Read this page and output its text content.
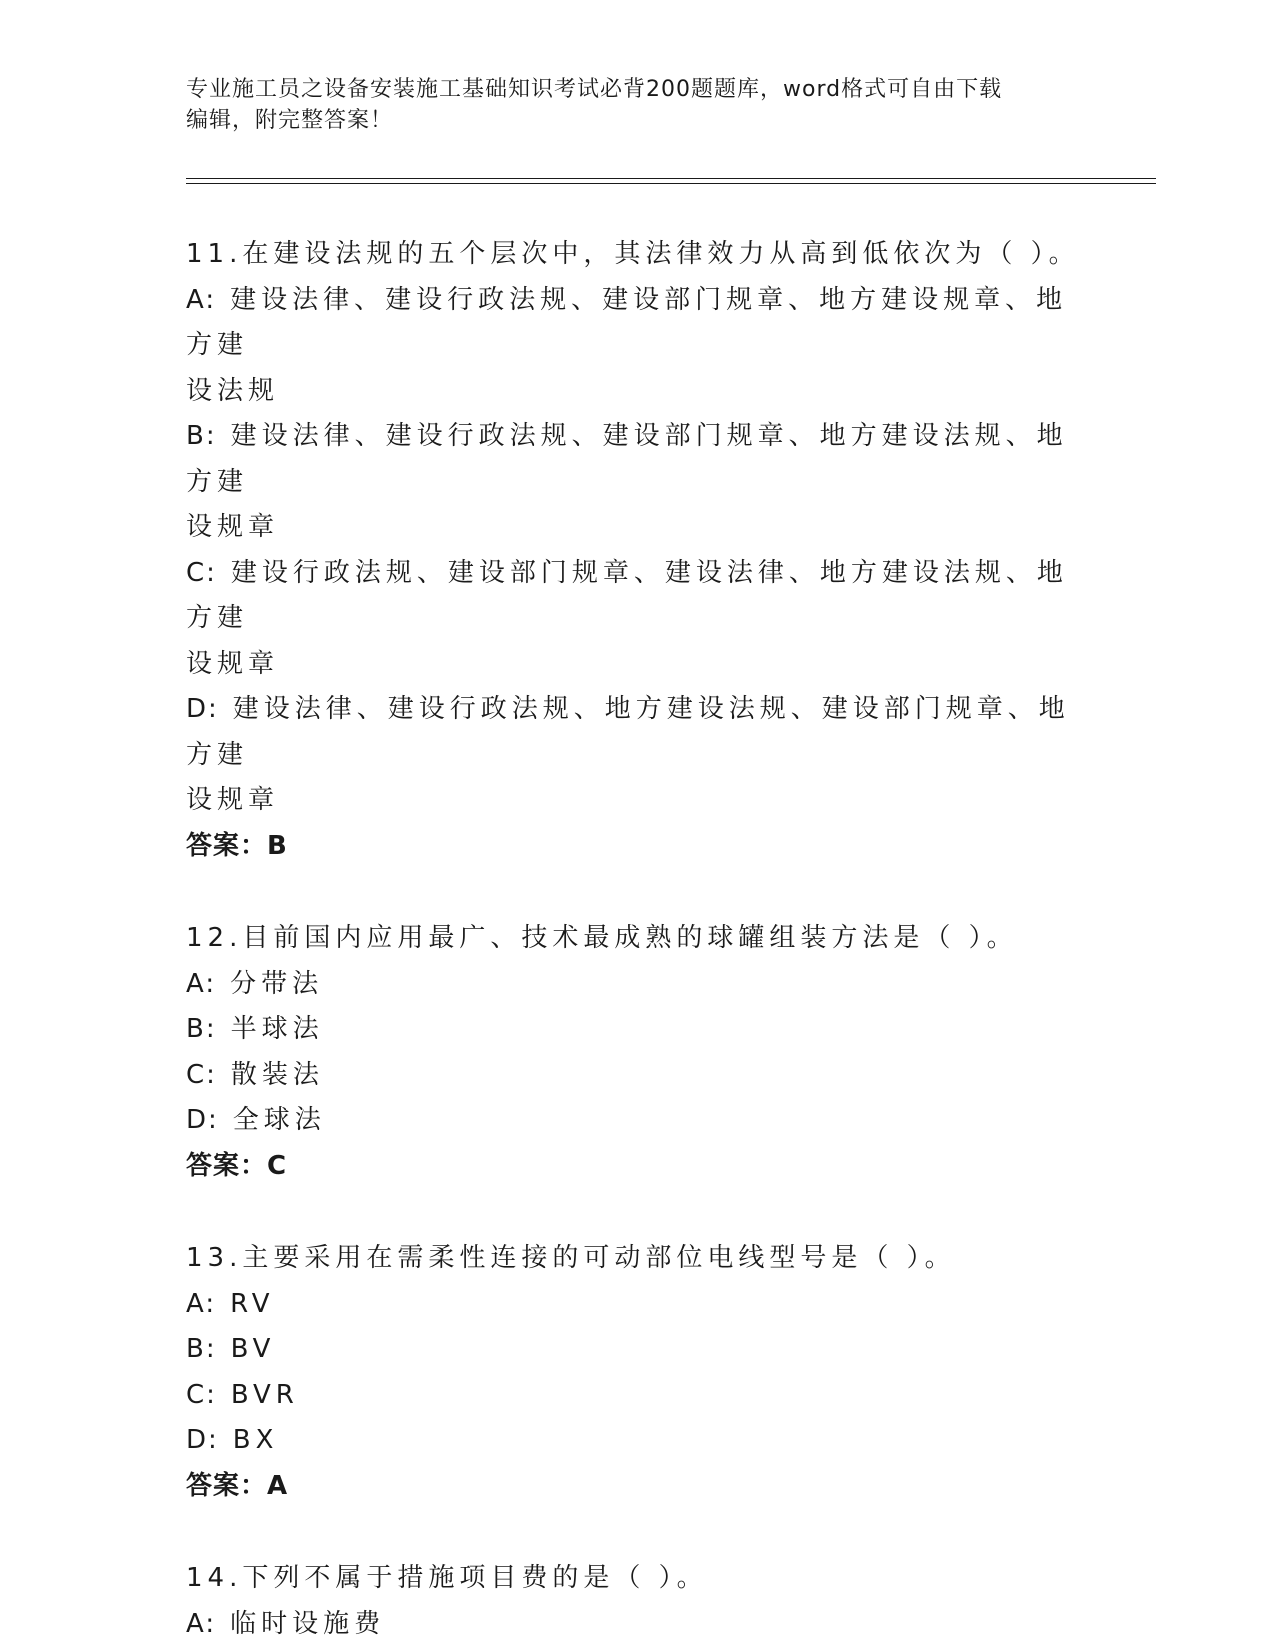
专业施工员之设备安装施工基础知识考试必背200题题库，word格式可自由下载
编辑，附完整答案！
11.在建设法规的五个层次中，其法律效力从高到低依次为（ ）。
A: 建设法律、建设行政法规、建设部门规章、地方建设规章、地方建
设法规
B: 建设法律、建设行政法规、建设部门规章、地方建设法规、地方建
设规章
C: 建设行政法规、建设部门规章、建设法律、地方建设法规、地方建
设规章
D: 建设法律、建设行政法规、地方建设法规、建设部门规章、地方建
设规章
答案：B
12.目前国内应用最广、技术最成熟的球罐组装方法是（ ）。
A: 分带法
B: 半球法
C: 散装法
D: 全球法
答案：C
13.主要采用在需柔性连接的可动部位电线型号是（ ）。
A: RV
B: BV
C: BVR
D: BX
答案：A
14.下列不属于措施项目费的是（ ）。
A: 临时设施费
